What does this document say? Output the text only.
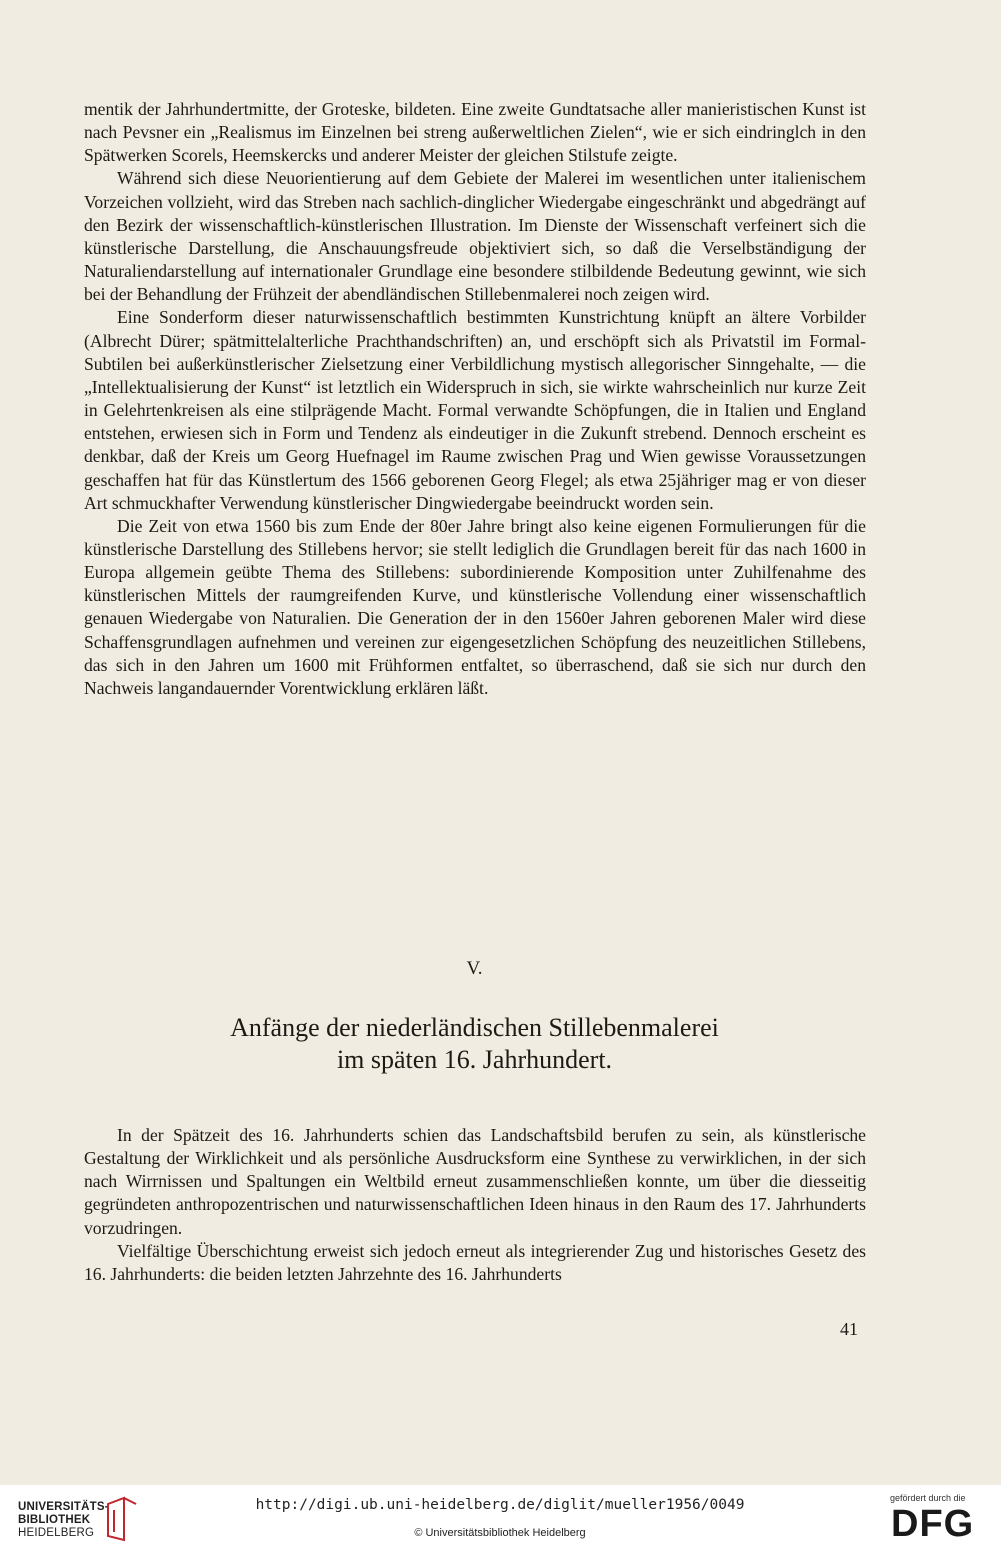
mentik der Jahrhundertmitte, der Groteske, bildeten. Eine zweite Gundtatsache aller manieristischen Kunst ist nach Pevsner ein „Realismus im Einzelnen bei streng außerweltlichen Zielen“, wie er sich eindringlch in den Spätwerken Scorels, Heemskercks und anderer Meister der gleichen Stilstufe zeigte.

Während sich diese Neuorientierung auf dem Gebiete der Malerei im wesentlichen unter italienischem Vorzeichen vollzieht, wird das Streben nach sachlich-dinglicher Wiedergabe eingeschränkt und abgedrängt auf den Bezirk der wissenschaftlich-künstlerischen Illustration. Im Dienste der Wissenschaft verfeinert sich die künstlerische Darstellung, die Anschauungsfreude objektiviert sich, so daß die Verselbständigung der Naturaliendarstellung auf internationaler Grundlage eine besondere stilbildende Bedeutung gewinnt, wie sich bei der Behandlung der Frühzeit der abendländischen Stillebenmalerei noch zeigen wird.

Eine Sonderform dieser naturwissenschaftlich bestimmten Kunstrichtung knüpft an ältere Vorbilder (Albrecht Dürer; spätmittelalterliche Prachthandschriften) an, und erschöpft sich als Privatstil im Formal-Subtilen bei außerkünstlerischer Zielsetzung einer Verbildlichung mystisch allegorischer Sinngehalte, — die „Intellektualisierung der Kunst“ ist letztlich ein Widerspruch in sich, sie wirkte wahrscheinlich nur kurze Zeit in Gelehrtenkreisen als eine stilprägende Macht. Formal verwandte Schöpfungen, die in Italien und England entstehen, erwiesen sich in Form und Tendenz als eindeutiger in die Zukunft strebend. Dennoch erscheint es denkbar, daß der Kreis um Georg Huefnagel im Raume zwischen Prag und Wien gewisse Voraussetzungen geschaffen hat für das Künstlertum des 1566 geborenen Georg Flegel; als etwa 25jähriger mag er von dieser Art schmuckhafter Verwendung künstlerischer Dingwiedergabe beeindruckt worden sein.

Die Zeit von etwa 1560 bis zum Ende der 80er Jahre bringt also keine eigenen Formulierungen für die künstlerische Darstellung des Stillebens hervor; sie stellt lediglich die Grundlagen bereit für das nach 1600 in Europa allgemein geübte Thema des Stillebens: subordinierende Komposition unter Zuhilfenahme des künstlerischen Mittels der raumgreifenden Kurve, und künstlerische Vollendung einer wissenschaftlich genauen Wiedergabe von Naturalien. Die Generation der in den 1560er Jahren geborenen Maler wird diese Schaffensgrundlagen aufnehmen und vereinen zur eigengesetzlichen Schöpfung des neuzeitlichen Stillebens, das sich in den Jahren um 1600 mit Frühformen entfaltet, so überraschend, daß sie sich nur durch den Nachweis langandauernder Vorentwicklung erklären läßt.

V.
Anfänge der niederländischen Stillebenmalerei
im späten 16. Jahrhundert.

In der Spätzeit des 16. Jahrhunderts schien das Landschaftsbild berufen zu sein, als künstlerische Gestaltung der Wirklichkeit und als persönliche Ausdrucksform eine Synthese zu verwirklichen, in der sich nach Wirrnissen und Spaltungen ein Weltbild erneut zusammenschließen konnte, um über die diesseitig gegründeten anthropozentrischen und naturwissenschaftlichen Ideen hinaus in den Raum des 17. Jahrhunderts vorzudringen.

Vielfältige Überschichtung erweist sich jedoch erneut als integrierender Zug und historisches Gesetz des 16. Jahrhunderts: die beiden letzten Jahrzehnte des 16. Jahrhunderts

41
UNIVERSITÄTS-
BIBLIOTHEK
HEIDELBERG
http://digi.ub.uni-heidelberg.de/diglit/mueller1956/0049
© Universitätsbibliothek Heidelberg
gefördert durch die
DFG
